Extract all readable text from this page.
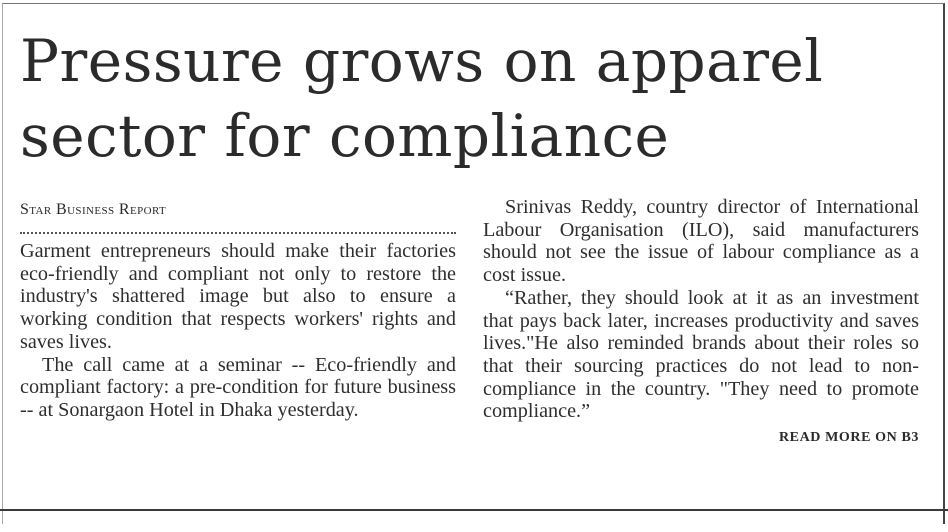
Pressure grows on apparel sector for compliance
Star Business Report

Garment entrepreneurs should make their factories eco-friendly and compliant not only to restore the industry's shattered image but also to ensure a working condition that respects workers' rights and saves lives.

The call came at a seminar -- Eco-friendly and compliant factory: a pre-condition for future business -- at Sonargaon Hotel in Dhaka yesterday.

Srinivas Reddy, country director of International Labour Organisation (ILO), said manufacturers should not see the issue of labour compliance as a cost issue.

“Rather, they should look at it as an investment that pays back later, increases productivity and saves lives."He also reminded brands about their roles so that their sourcing practices do not lead to non-compliance in the country. "They need to promote compliance.”

READ MORE ON B3
